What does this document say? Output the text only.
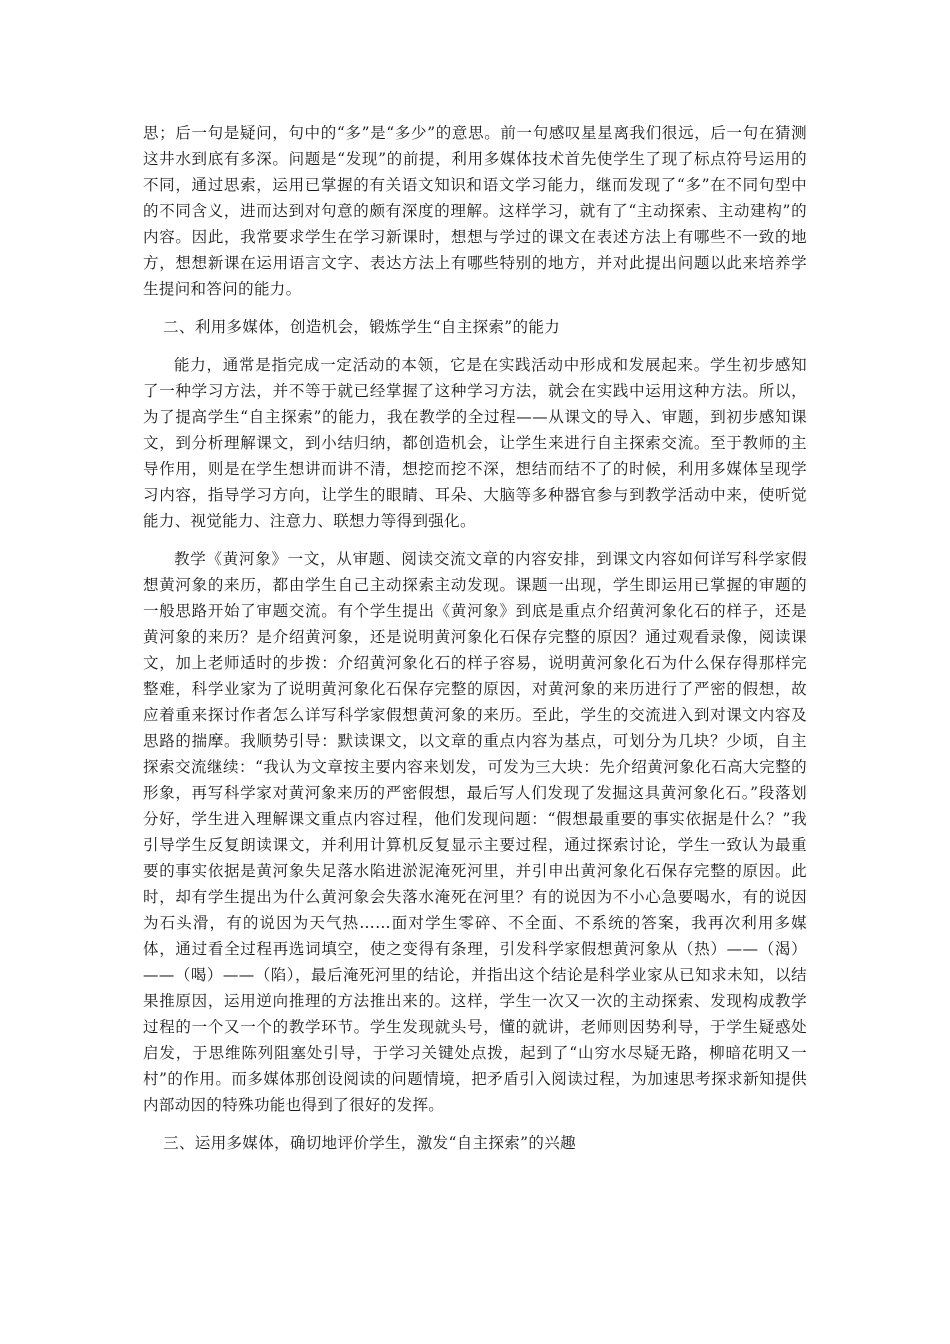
思；后一句是疑问，句中的“多”是“多少”的意思。前一句感叹星星离我们很远，后一句在猜测这井水到底有多深。问题是“发现”的前提，利用多媒体技术首先使学生了现了标点符号运用的不同，通过思索，运用已掌握的有关语文知识和语文学习能力，继而发现了“多”在不同句型中的不同含义，进而达到对句意的颇有深度的理解。这样学习，就有了“主动探索、主动建构”的内容。因此，我常要求学生在学习新课时，想想与学过的课文在表述方法上有哪些不一致的地方，想想新课在运用语言文字、表达方法上有哪些特别的地方，并对此提出问题以此来培养学生提问和答问的能力。

二、利用多媒体，创造机会，锻炼学生“自主探索”的能力

能力，通常是指完成一定活动的本领，它是在实践活动中形成和发展起来。学生初步感知了一种学习方法，并不等于就已经掌握了这种学习方法，就会在实践中运用这种方法。所以，为了提高学生“自主探索”的能力，我在教学的全过程——从课文的导入、审题，到初步感知课文，到分析理解课文，到小结归纳，都创造机会，让学生来进行自主探索交流。至于教师的主导作用，则是在学生想讲而讲不清，想挖而挖不深，想结而结不了的时候，利用多媒体呈现学习内容，指导学习方向，让学生的眼睛、耳朵、大脑等多种器官参与到教学活动中来，使听觉能力、视觉能力、注意力、联想力等得到强化。

教学《黄河象》一文，从审题、阅读交流文章的内容安排，到课文内容如何详写科学家假想黄河象的来历，都由学生自己主动探索主动发现。课题一出现，学生即运用已掌握的审题的一般思路开始了审题交流。有个学生提出《黄河象》到底是重点介绍黄河象化石的样子，还是黄河象的来历？是介绍黄河象，还是说明黄河象化石保存完整的原因？通过观看录像，阅读课文，加上老师适时的步拨：介绍黄河象化石的样子容易，说明黄河象化石为什么保存得那样完整难，科学业家为了说明黄河象化石保存完整的原因，对黄河象的来历进行了严密的假想，故应着重来探讨作者怎么详写科学家假想黄河象的来历。至此，学生的交流进入到对课文内容及思路的揣摩。我顺势引导：默读课文，以文章的重点内容为基点，可划分为几块？少顷，自主探索交流继续：“我认为文章按主要内容来划发，可发为三大块：先介绍黄河象化石高大完整的形象，再写科学家对黄河象来历的严密假想，最后写人们发现了发掘这具黄河象化石。”段落划分好，学生进入理解课文重点内容过程，他们发现问题：“假想最重要的事实依据是什么？”我引导学生反复朗读课文，并利用计算机反复显示主要过程，通过探索讨论，学生一致认为最重要的事实依据是黄河象失足落水陷进淤泥淹死河里，并引申出黄河象化石保存完整的原因。此时，却有学生提出为什么黄河象会失落水淹死在河里？有的说因为不小心急要喝水，有的说因为石头滑，有的说因为天气热……面对学生零碎、不全面、不系统的答案，我再次利用多媒体，通过看全过程再选词填空，使之变得有条理，引发科学家假想黄河象从（热）——（渴）——（喝）——（陷），最后淹死河里的结论，并指出这个结论是科学业家从已知求未知，以结果推原因，运用逆向推理的方法推出来的。这样，学生一次又一次的主动探索、发现构成教学过程的一个又一个的教学环节。学生发现就头号，懂的就讲，老师则因势利导，于学生疑惑处启发，于思维陈列阻塞处引导，于学习关键处点拨，起到了“山穷水尽疑无路，柳暗花明又一村”的作用。而多媒体那创设阅读的问题情境，把矛盾引入阅读过程，为加速思考探求新知提供内部动因的特殊功能也得到了很好的发挥。

三、运用多媒体，确切地评价学生，激发“自主探索”的兴趣
